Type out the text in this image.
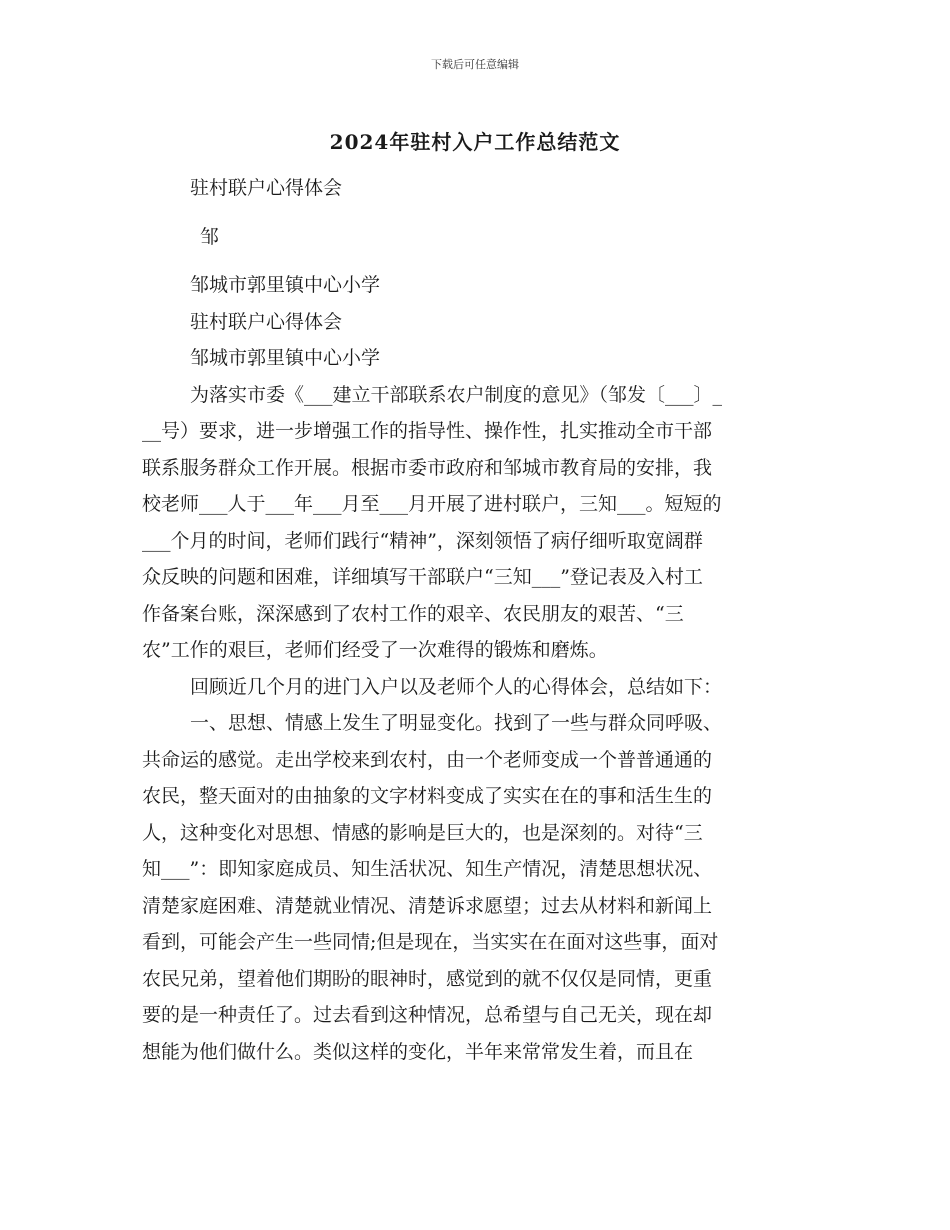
下载后可任意编辑
2024年驻村入户工作总结范文
驻村联户心得体会
邹
邹城市郭里镇中心小学
驻村联户心得体会
邹城市郭里镇中心小学
为落实市委《___建立干部联系农户制度的意见》（邹发〔___〕_
__号）要求，进一步增强工作的指导性、操作性，扎实推动全市干部
联系服务群众工作开展。根据市委市政府和邹城市教育局的安排，我
校老师___人于___年___月至___月开展了进村联户，三知___。短短的
___个月的时间，老师们践行“精神”，深刻领悟了病仔细听取宽阔群
众反映的问题和困难，详细填写干部联户“三知___”登记表及入村工
作备案台账，深深感到了农村工作的艰辛、农民朋友的艰苦、“三
农”工作的艰巨，老师们经受了一次难得的锻炼和磨炼。
回顾近几个月的进门入户以及老师个人的心得体会，总结如下：
一、思想、情感上发生了明显变化。找到了一些与群众同呼吸、
共命运的感觉。走出学校来到农村，由一个老师变成一个普普通通的
农民，整天面对的由抽象的文字材料变成了实实在在的事和活生生的
人，这种变化对思想、情感的影响是巨大的，也是深刻的。对待“三
知___”：即知家庭成员、知生活状况、知生产情况，清楚思想状况、
清楚家庭困难、清楚就业情况、清楚诉求愿望；过去从材料和新闻上
看到，可能会产生一些同情;但是现在，当实实在在面对这些事，面对
农民兄弟，望着他们期盼的眼神时，感觉到的就不仅仅是同情，更重
要的是一种责任了。过去看到这种情况，总希望与自己无关，现在却
想能为他们做什么。类似这样的变化，半年来常常发生着，而且在
